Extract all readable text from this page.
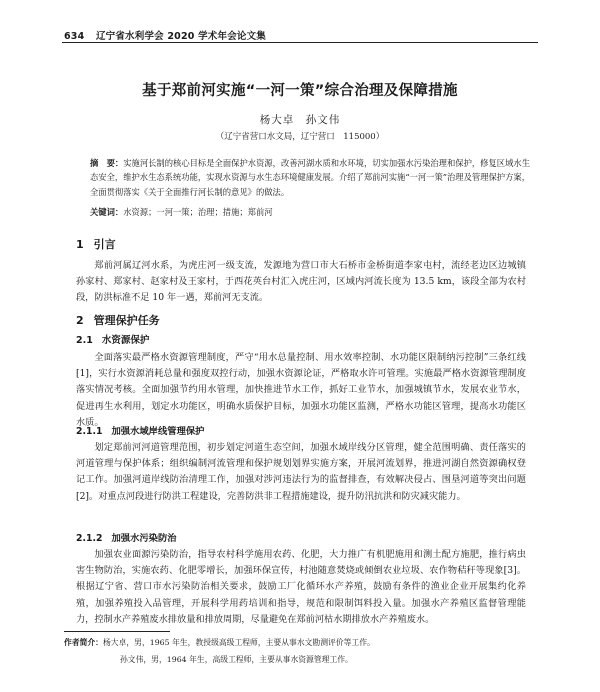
634 辽宁省水利学会 2020 学术年会论文集
基于郑前河实施“一河一策”综合治理及保障措施
杨大卓　孙文伟
（辽宁省营口水文局，辽宁营口　115000）

摘　要：实施河长制的核心目标是全面保护水资源，改善河湖水质和水环境，切实加强水污染治理和保护，修复区域水生态安全，维护水生态系统功能，实现水资源与水生态环境健康发展。介绍了郑前河实施“一河一策”治理及管理保护方案，全面贯彻落实《关于全面推行河长制的意见》的做法。

关键词：水资源；一河一策；治理；措施；郑前河
1 引言

郑前河属辽河水系，为虎庄河一级支流，发源地为营口市大石桥市金桥街道李家屯村，流经老边区边城镇孙家村、郑家村、赵家村及王家村，于西花英台村汇入虎庄河，区域内河流长度为 13.5 km，该段全部为农村段，防洪标准不足 10 年一遇，郑前河无支流。

2 管理保护任务
2.1 水资源保护

全面落实最严格水资源管理制度，严守“用水总量控制、用水效率控制、水功能区限制纳污控制”三条红线[1]，实行水资源消耗总量和强度双控行动，加强水资源论证，严格取水许可管理。实施最严格水资源管理制度落实情况考核。全面加强节约用水管理，加快推进节水工作，抓好工业节水，加强城镇节水，发展农业节水，促进再生水利用，划定水功能区，明确水质保护目标，加强水功能区监测，严格水功能区管理，提高水功能区水质。

2.1.1 加强水域岸线管理保护

划定郑前河河道管理范围，初步划定河道生态空间，加强水域岸线分区管理，健全范围明确、责任落实的河道管理与保护体系；组织编制河流管理和保护规划划界实施方案，开展河流划界，推进河湖自然资源确权登记工作。加强河道岸线防治清理工作，加强对涉河违法行为的监督排查，有效解决侵占、围垦河道等突出问题[2]。对重点河段进行防洪工程建设，完善防洪非工程措施建设，提升防汛抗洪和防灾减灾能力。

2.1.2 加强水污染防治

加强农业面源污染防治，指导农村科学施用农药、化肥，大力推广有机肥施用和测土配方施肥，推行病虫害生物防治，实施农药、化肥零增长，加强环保宣传，村池随意焚烧或倾倒农业垃圾、农作物秸秆等现象[3]。根据辽宁省、营口市水污染防治相关要求，鼓励工厂化循环水产养殖，鼓励有条件的渔业企业开展集约化养殖，加强养殖投入品管理，开展科学用药培训和指导，规范和限制饵料投入量。加强水产养殖区监督管理能力，控制水产养殖废水排放量和排放周期，尽量避免在郑前河枯水期排放水产养殖废水。

作者简介：杨大卓，男，1965 年生，教授级高级工程师，主要从事水文勘测评价等工作。
孙文伟，男，1964 年生，高级工程师，主要从事水资源管理工作。
